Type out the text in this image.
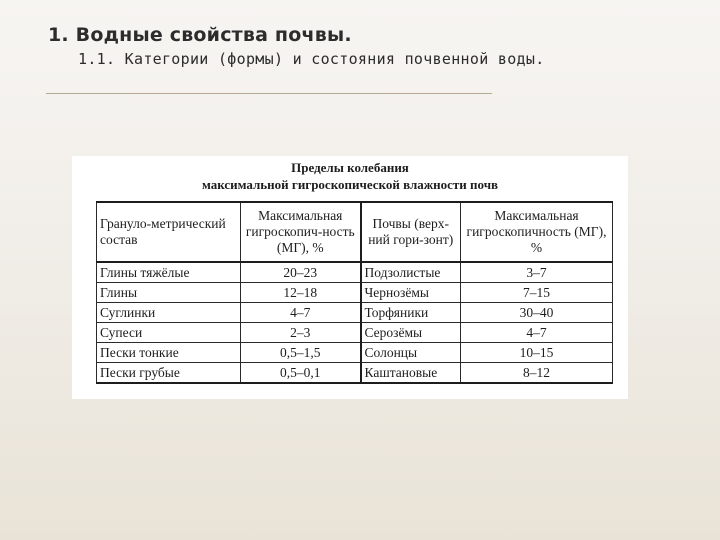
1. Водные свойства почвы.
1.1. Категории (формы) и состояния почвенной воды.
Пределы колебания
максимальной гигроскопической влажности почв
Грануло-метрический состав	Максимальная гигроскопич-ность (МГ), %	Почвы (верх-ний гори-зонт)	Максимальная гигроскопичность (МГ), %
Глины тяжёлые	20–23	Подзолистые	3–7
Глины	12–18	Чернозёмы	7–15
Суглинки	4–7	Торфяники	30–40
Супеси	2–3	Серозёмы	4–7
Пески тонкие	0,5–1,5	Солонцы	10–15
Пески грубые	0,5–0,1	Каштановые	8–12
